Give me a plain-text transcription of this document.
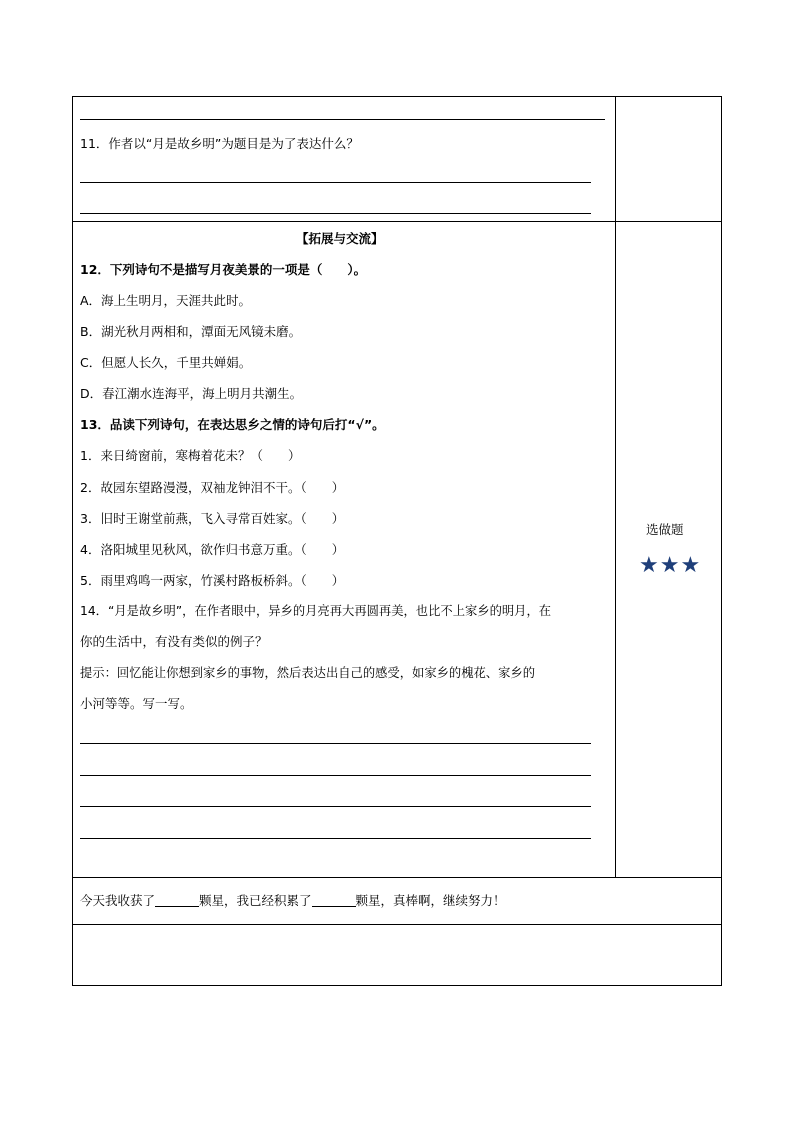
11．作者以“月是故乡明”为题目是为了表达什么？
【拓展与交流】
12．下列诗句不是描写月夜美景的一项是（　　）。
A．海上生明月，天涯共此时。
B．湖光秋月两相和，潭面无风镜未磨。
C．但愿人长久，千里共婵娟。
D．春江潮水连海平，海上明月共潮生。
13．品读下列诗句，在表达思乡之情的诗句后打“√”。
1．来日绮窗前，寒梅着花未？（　　）
2．故园东望路漫漫，双袖龙钟泪不干。（　　）
3．旧时王谢堂前燕，飞入寻常百姓家。（　　）
4．洛阳城里见秋风，欲作归书意万重。（　　）
5．雨里鸡鸣一两家，竹溪村路板桥斜。（　　）
14．“月是故乡明”，在作者眼中，异乡的月亮再大再圆再美，也比不上家乡的明月，在
你的生活中，有没有类似的例子？
提示：回忆能让你想到家乡的事物，然后表达出自己的感受，如家乡的槐花、家乡的
小河等等。写一写。
选做题
★★★
今天我收获了	颗星，我已经积累了	颗星，真棒啊，继续努力！
